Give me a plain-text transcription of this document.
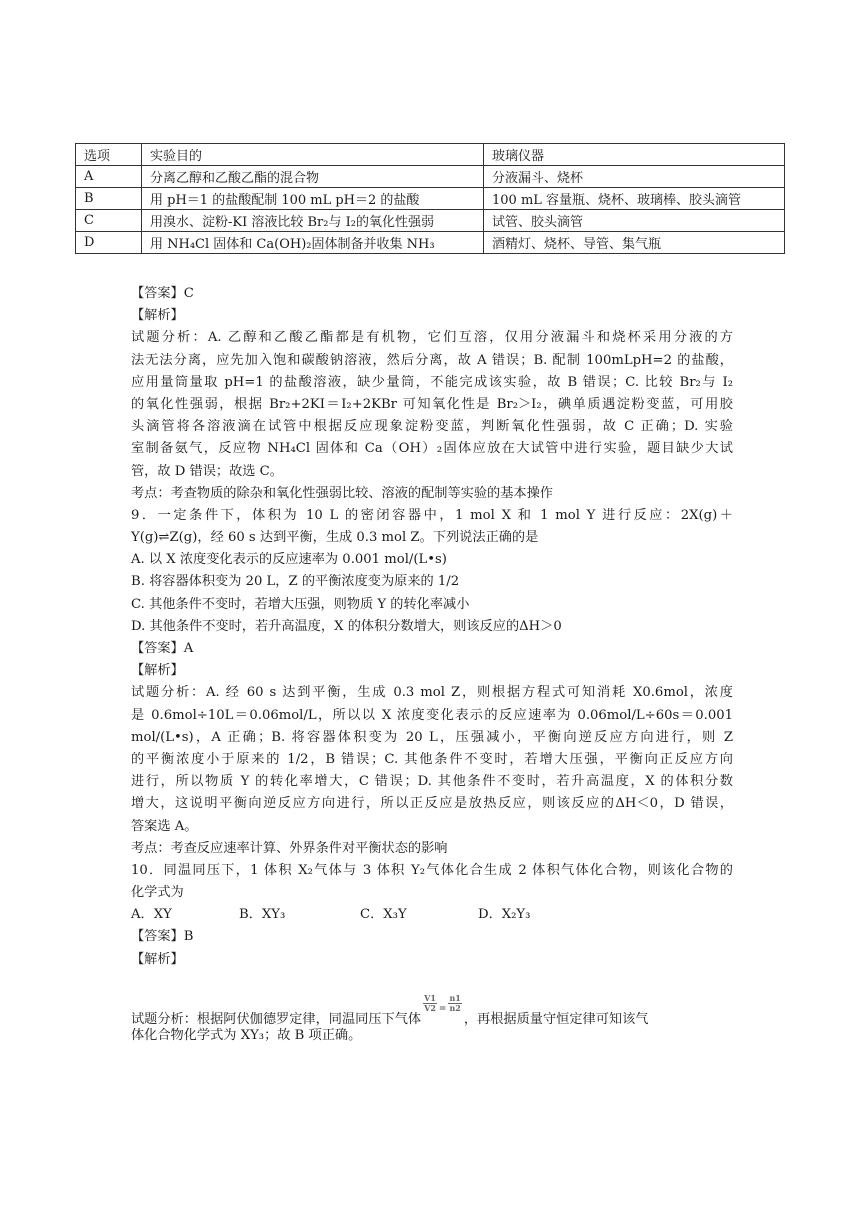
选项	实验目的	玻璃仪器
A	分离乙醇和乙酸乙酯的混合物	分液漏斗、烧杯
B	用 pH＝1 的盐酸配制 100 mL pH＝2 的盐酸	100 mL 容量瓶、烧杯、玻璃棒、胶头滴管
C	用溴水、淀粉-KI 溶液比较 Br₂与 I₂的氧化性强弱	试管、胶头滴管
D	用 NH₄Cl 固体和 Ca(OH)₂固体制备并收集 NH₃	酒精灯、烧杯、导管、集气瓶
【答案】C
【解析】
试题分析：A. 乙醇和乙酸乙酯都是有机物，它们互溶，仅用分液漏斗和烧杯采用分液的方
法无法分离，应先加入饱和碳酸钠溶液，然后分离，故 A 错误；B. 配制 100mLpH=2 的盐酸，
应用量筒量取 pH=1 的盐酸溶液，缺少量筒，不能完成该实验，故 B 错误；C. 比较 Br₂与 I₂
的氧化性强弱，根据 Br₂+2KI＝I₂+2KBr 可知氧化性是 Br₂＞I₂，碘单质遇淀粉变蓝，可用胶
头滴管将各溶液滴在试管中根据反应现象淀粉变蓝，判断氧化性强弱，故 C 正确；D. 实验
室制备氨气，反应物 NH₄Cl 固体和 Ca（OH）₂固体应放在大试管中进行实验，题目缺少大试
管，故 D 错误；故选 C。
考点：考查物质的除杂和氧化性强弱比较、溶液的配制等实验的基本操作
9．一定条件下，体积为 10 L 的密闭容器中，1 mol X 和 1 mol Y 进行反应：2X(g)＋
Y(g)⇌Z(g)，经 60 s 达到平衡，生成 0.3 mol Z。下列说法正确的是
A. 以 X 浓度变化表示的反应速率为 0.001 mol/(L•s)
B. 将容器体积变为 20 L，Z 的平衡浓度变为原来的 1/2
C. 其他条件不变时，若增大压强，则物质 Y 的转化率减小
D. 其他条件不变时，若升高温度，X 的体积分数增大，则该反应的ΔH＞0
【答案】A
【解析】
试题分析：A. 经 60 s 达到平衡，生成 0.3 mol Z，则根据方程式可知消耗 X0.6mol，浓度
是 0.6mol÷10L＝0.06mol/L，所以以 X 浓度变化表示的反应速率为 0.06mol/L÷60s＝0.001
mol/(L•s)，A 正确；B. 将容器体积变为 20 L，压强减小，平衡向逆反应方向进行，则 Z
的平衡浓度小于原来的 1/2，B 错误；C. 其他条件不变时，若增大压强，平衡向正反应方向
进行，所以物质 Y 的转化率增大，C 错误；D. 其他条件不变时，若升高温度，X 的体积分数
增大，这说明平衡向逆反应方向进行，所以正反应是放热反应，则该反应的ΔH＜0，D 错误，
答案选 A。
考点：考查反应速率计算、外界条件对平衡状态的影响
10．同温同压下，1 体积 X₂气体与 3 体积 Y₂气体化合生成 2 体积气体化合物，则该化合物的
化学式为
A．XY	B．XY₃	C．X₃Y	D．X₂Y₃
【答案】B
【解析】
试题分析：根据阿伏伽德罗定律，同温同压下气体
$\frac{V1}{V2} ^= \frac{n1}{n2}$
，再根据质量守恒定律可知该气
体化合物化学式为 XY₃；故 B 项正确。
